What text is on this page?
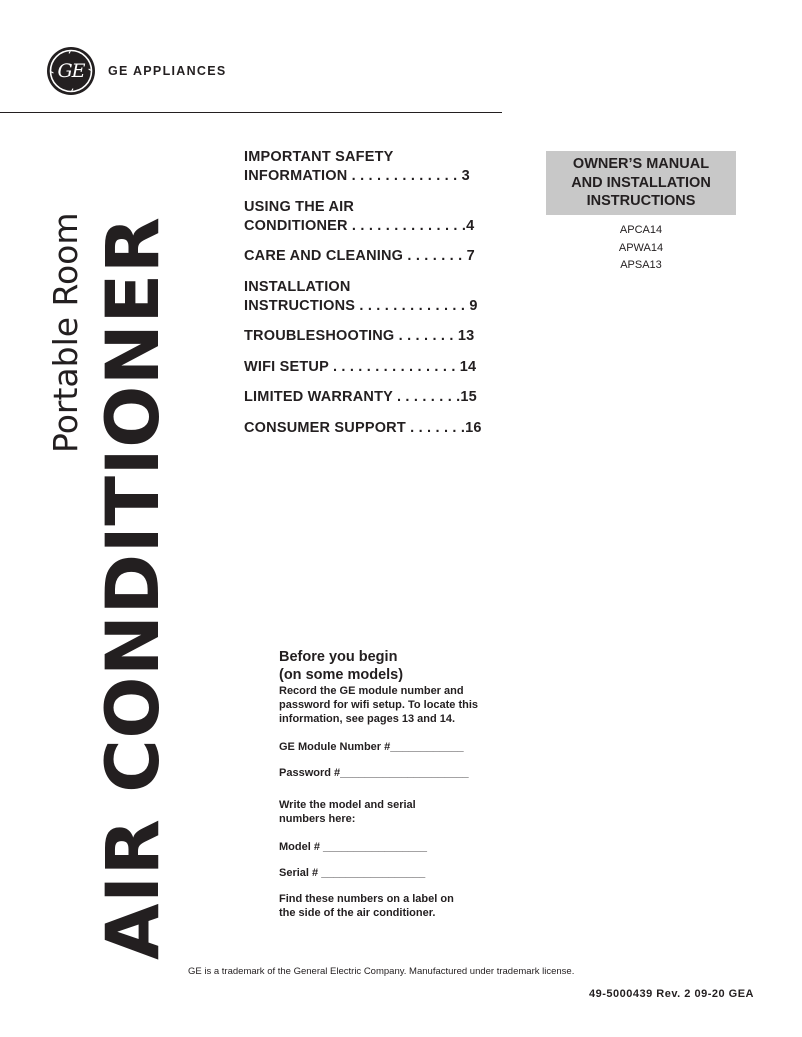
GE	GE APPLIANCES
Portable Room AIR CONDITIONER
IMPORTANT SAFETY
INFORMATION . . . . . . . . . . . . . 3
USING THE AIR
CONDITIONER . . . . . . . . . . . . . .4
CARE AND CLEANING . . . . . . . 7
INSTALLATION
INSTRUCTIONS . . . . . . . . . . . . . 9
TROUBLESHOOTING . . . . . . . 13
WIFI SETUP . . . . . . . . . . . . . . . 14
LIMITED WARRANTY . . . . . . . .15
CONSUMER SUPPORT . . . . . . .16
OWNER’S MANUAL
AND INSTALLATION
INSTRUCTIONS
APCA14
APWA14
APSA13
Before you begin
(on some models)
Record the GE module number and
password for wifi setup. To locate this
information, see pages 13 and 14.
GE Module Number #____________
Password #_____________________
Write the model and serial
numbers here:
Model # _________________
Serial # _________________
Find these numbers on a label on
the side of the air conditioner.
GE is a trademark of the General Electric Company. Manufactured under trademark license.
49-5000439 Rev. 2 09-20 GEA
